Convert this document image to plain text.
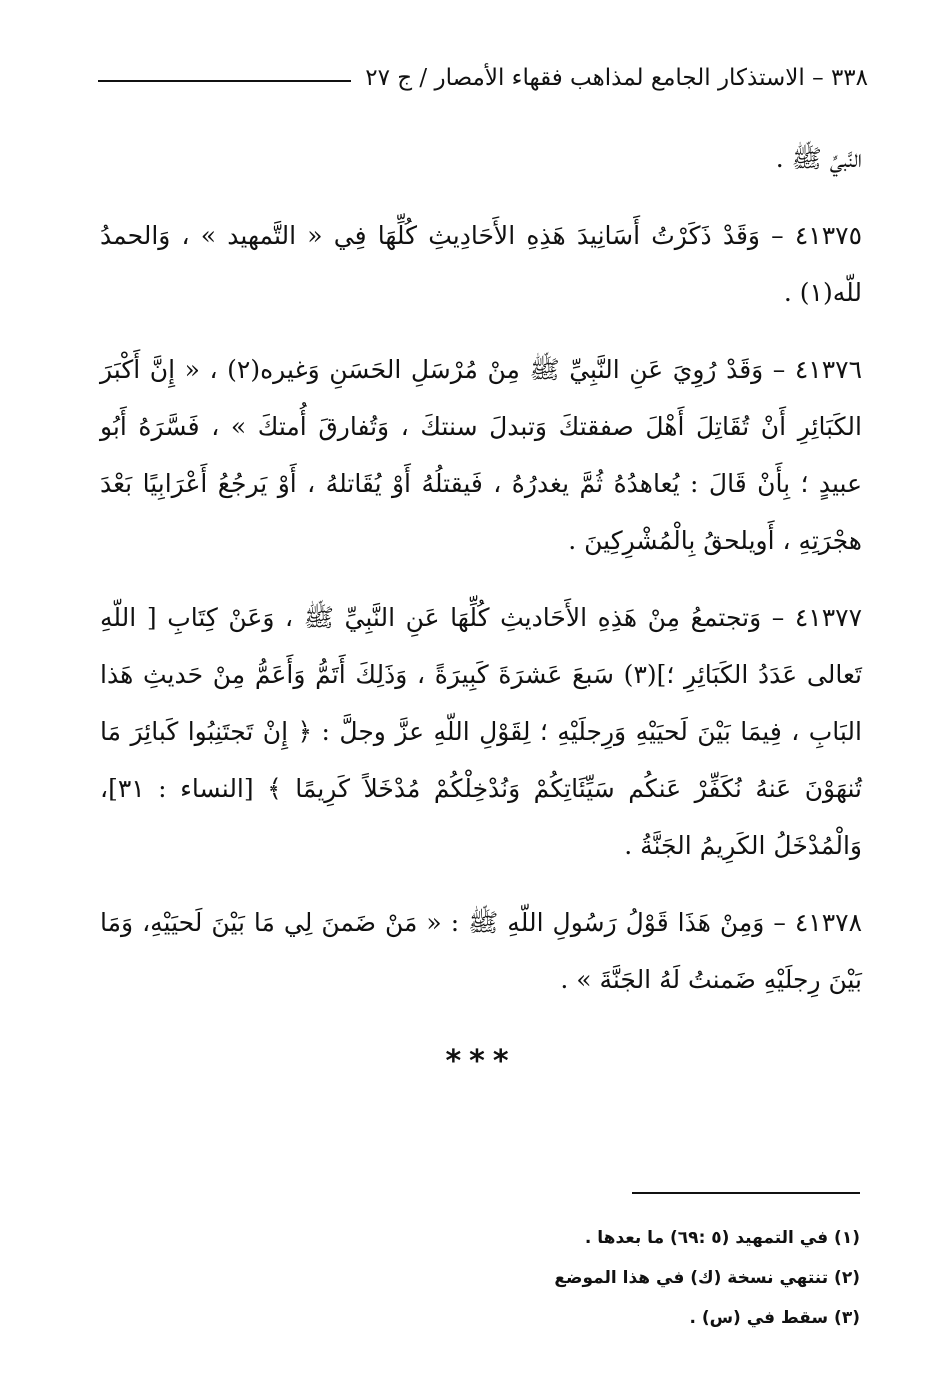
٣٣٨ – الاستذكار الجامع لمذاهب فقهاء الأمصار / ج ٢٧

النَّبيِّ ﷺ .

٤١٣٧٥ – وَقَدْ ذَكَرْتُ أَسَانِيدَ هَذِهِ الأَحَادِيثِ كُلِّهَا فِي « التَّمهيد » ، وَالحمدُ للّه(١) .

٤١٣٧٦ – وَقَدْ رُوِيَ عَنِ النَّبِيِّ ﷺ مِنْ مُرْسَلِ الحَسَنِ وَغيره(٢) ، « إِنَّ أَكْبَرَ الكَبَائِرِ أَنْ تُقَاتِلَ أَهْلَ صفقتكَ وَتبدلَ سنتكَ ، وَتُفارقَ أُمتكَ » ، فَسَّرَهُ أَبُو عبيدٍ ؛ بِأَنْ قَالَ : يُعاهدُهُ ثُمَّ يغدرُهُ ، فَيقتلُهُ أَوْ يُقَاتلهُ ، أَوْ يَرجُعُ أَعْرَابِيًا بَعْدَ هجْرَتِهِ ، أَويلحقُ بِالْمُشْرِكِينَ .

٤١٣٧٧ – وَتجتمعُ مِنْ هَذِهِ الأَحَاديثِ كُلِّهَا عَنِ النَّبِيِّ ﷺ ، وَعَنْ كِتَابِ [ اللّهِ تَعالى عَدَدُ الكَبَائِرِ ؛](٣) سَبعَ عَشرَةَ كَبِيرَةً ، وَذَلِكَ أَتَمُّ وَأَعَمُّ مِنْ حَديثِ هَذا البَابِ ، فِيمَا بَيْنَ لَحيَيْهِ وَرِجلَيْهِ ؛ لِقَوْلِ اللّهِ عزَّ وجلَّ : ﴿ إِنْ تَجتَنِبُوا كَبائِرَ مَا تُنهَوْنَ عَنهُ نُكَفِّرْ عَنكُم سَيِّئَاتِكُمْ وَنُدْخِلْكُمْ مُدْخَلاً كَرِيمًا ﴾ [النساء : ٣١]، وَالْمُدْخَلُ الكَرِيمُ الجَنَّةُ .

٤١٣٧٨ – وَمِنْ هَذَا قَوْلُ رَسُولِ اللّهِ ﷺ : « مَنْ ضَمنَ لِي مَا بَيْنَ لَحيَيْهِ، وَمَا بَيْنَ رِجلَيْهِ ضَمنتُ لَهُ الجَنَّةَ » .

***

(١) في التمهيد (٥ :٦٩) ما بعدها .

(٢) تنتهي نسخة (ك) في هذا الموضع

(٣) سقط في (س) .
